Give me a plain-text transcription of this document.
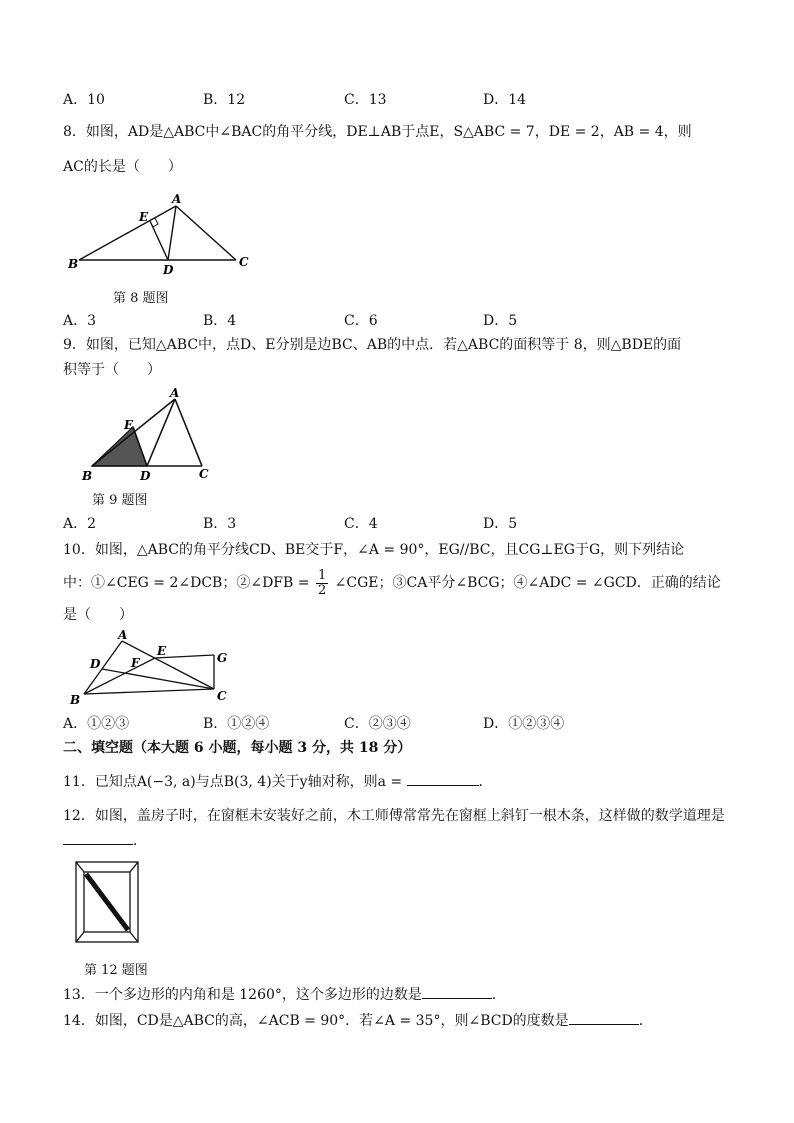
A．10	B．12	C．13	D．14
8．如图，AD是△ABC中∠BAC的角平分线，DE⊥AB于点E，S△ABC = 7，DE = 2，AB = 4，则
AC的长是（　　）
A
B	C
D
E
第 8 题图
A．3	B．4	C．6	D．5
9．如图，已知△ABC中，点D、E分别是边BC、AB的中点．若△ABC的面积等于 8，则△BDE的面
积等于（　　）
A
B	C
D
E
第 9 题图
A．2	B．3	C．4	D．5
10．如图，△ABC的角平分线CD、BE交于F，∠A = 90°，EG//BC，且CG⊥EG于G，则下列结论
中：①∠CEG = 2∠DCB；②∠DFB = $\frac{1}{2}$ ∠CGE；③CA平分∠BCG；④∠ADC = ∠GCD．正确的结论
是（　　）
A
B	C
D
E
F	G
A．①②③	B．①②④	C．②③④	D．①②③④
二、填空题（本大题 6 小题，每小题 3 分，共 18 分）
11．已知点A(−3, a)与点B(3, 4)关于y轴对称，则a =	．
12．如图，盖房子时，在窗框未安装好之前，木工师傅常常先在窗框上斜钉一根木条，这样做的数学道理是
．
第 12 题图
13．一个多边形的内角和是 1260°，这个多边形的边数是	．
14．如图，CD是△ABC的高，∠ACB = 90°．若∠A = 35°，则∠BCD的度数是	．
